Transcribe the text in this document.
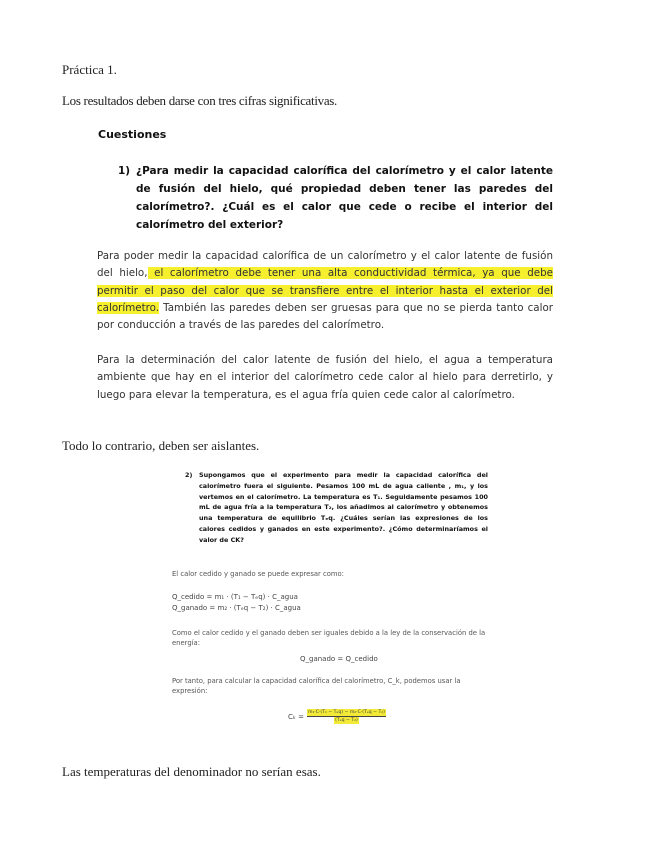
Práctica 1.
Los resultados deben darse con tres cifras significativas.
Cuestiones
1) ¿Para medir la capacidad calorífica del calorímetro y el calor latente de fusión del hielo, qué propiedad deben tener las paredes del calorímetro?. ¿Cuál es el calor que cede o recibe el interior del calorímetro del exterior?
Para poder medir la capacidad calorífica de un calorímetro y el calor latente de fusión del hielo, el calorímetro debe tener una alta conductividad térmica, ya que debe permitir el paso del calor que se transfiere entre el interior hasta el exterior del calorímetro. También las paredes deben ser gruesas para que no se pierda tanto calor por conducción a través de las paredes del calorímetro.
Para la determinación del calor latente de fusión del hielo, el agua a temperatura ambiente que hay en el interior del calorímetro cede calor al hielo para derretirlo, y luego para elevar la temperatura, es el agua fría quien cede calor al calorímetro.
Todo lo contrario, deben ser aislantes.
2) Supongamos que el experimento para medir la capacidad calorífica del calorímetro fuera el siguiente. Pesamos 100 mL de agua caliente , m₁, y los vertemos en el calorímetro. La temperatura es T₁. Seguidamente pesamos 100 mL de agua fría a la temperatura T₂, los añadimos al calorímetro y obtenemos una temperatura de equilibrio Tₑq. ¿Cuáles serían las expresiones de los calores cedidos y ganados en este experimento?. ¿Cómo determinaríamos el valor de CK?
El calor cedido y ganado se puede expresar como:
Q_cedido = m₁ · (T₁ − Tₑq) · C_agua
Q_ganado = m₂ · (Tₑq − T₂) · C_agua
Como el calor cedido y el ganado deben ser iguales debido a la ley de la conservación de la energía:
Q_ganado = Q_cedido
Por tanto, para calcular la capacidad calorífica del calorímetro, C_k, podemos usar la expresión:
Cₖ = m₁·C·(T₁ − Tₑq) − m₂·C·(Tₑq − T₂)
(Tₑq − T₂)
Las temperaturas del denominador no serían esas.
